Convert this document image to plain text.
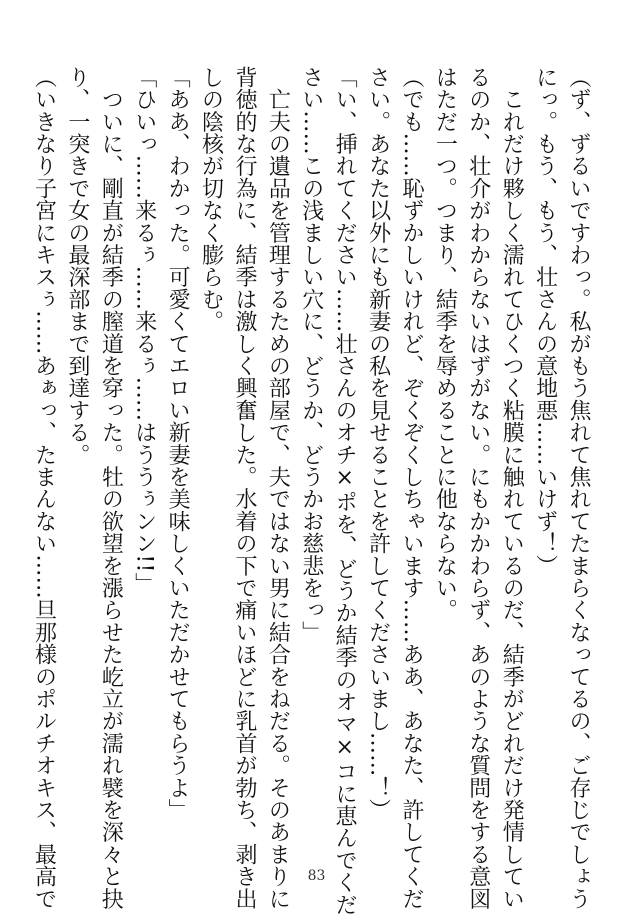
（ず、ずるいですわっ。私がもう焦れて焦れてたまらくなってるの、ご存じでしょう
にっ。もう、もう、壮さんの意地悪……いけず！）
　これだけ夥しく濡れてひくつく粘膜に触れているのだ、結季がどれだけ発情してい
るのか、壮介がわからないはずがない。にもかかわらず、あのような質問をする意図
はただ一つ。つまり、結季を辱めることに他ならない。
（でも……恥ずかしいけれど、ぞくぞくしちゃいます……ああ、あなた、許してくだ
さい。あなた以外にも新妻の私を見せることを許してくださいまし……！）
「い、挿れてください……壮さんのオチ×ポを、どうか結季のオマ×コに恵んでくだ
さい……この浅ましい穴に、どうか、どうかお慈悲をっ」
　亡夫の遺品を管理するための部屋で、夫ではない男に結合をねだる。そのあまりに
背徳的な行為に、結季は激しく興奮した。水着の下で痛いほどに乳首が勃ち、剥き出
しの陰核が切なく膨らむ。
「ああ、わかった。可愛くてエロい新妻を美味しくいただかせてもらうよ」
「ひいっ……来るぅ……来るぅ……はううぅンン!!」
　ついに、剛直が結季の膣道を穿った。牡の欲望を漲らせた屹立が濡れ襞を深々と抉
り、一突きで女の最深部まで到達する。
（いきなり子宮にキスぅ……あぁっ、たまんない……旦那様のポルチオキス、最高で	83
